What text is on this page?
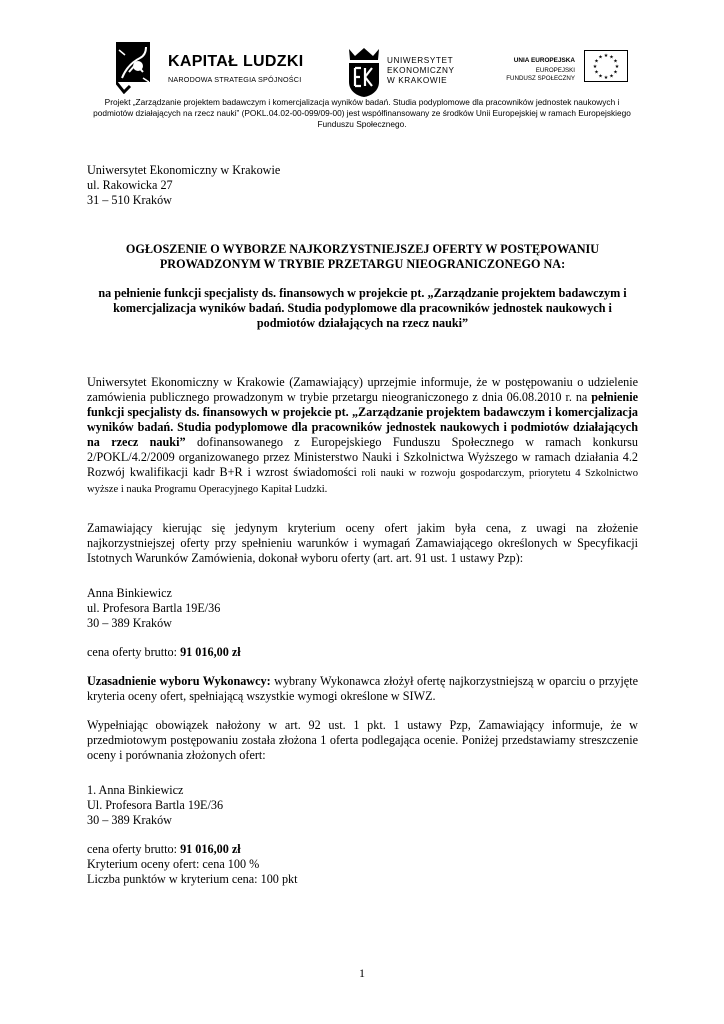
KAPITAŁ LUDZKI
NARODOWA STRATEGIA SPÓJNOŚCI
UNIWERSYTET
EKONOMICZNY
W KRAKOWIE
UNIA EUROPEJSKA
EUROPEJSKI
FUNDUSZ SPOŁECZNY
★ ★
★
★
★
★
★
★
★
★
★
★
Projekt „Zarządzanie projektem badawczym i komercjalizacja wyników badań. Studia podyplomowe dla pracowników jednostek naukowych i podmiotów działających na rzecz nauki” (POKL.04.02-00-099/09-00) jest współfinansowany ze środków Unii Europejskiej w ramach Europejskiego Funduszu Społecznego.

Uniwersytet Ekonomiczny w Krakowie

ul. Rakowicka 27

31 – 510 Kraków

OGŁOSZENIE O WYBORZE NAJKORZYSTNIEJSZEJ OFERTY W POSTĘPOWANIU

PROWADZONYM W TRYBIE PRZETARGU NIEOGRANICZONEGO NA:

na pełnienie funkcji specjalisty ds. finansowych w projekcie pt. „Zarządzanie projektem badawczym i komercjalizacja wyników badań. Studia podyplomowe dla pracowników jednostek naukowych i podmiotów działających na rzecz nauki”

Uniwersytet Ekonomiczny w Krakowie (Zamawiający) uprzejmie informuje, że w postępowaniu o udzielenie zamówienia publicznego prowadzonym w trybie przetargu nieograniczonego z dnia 06.08.2010 r. na pełnienie funkcji specjalisty ds. finansowych w projekcie pt. „Zarządzanie projektem badawczym i komercjalizacja wyników badań. Studia podyplomowe dla pracowników jednostek naukowych i podmiotów działających na rzecz nauki” dofinansowanego z Europejskiego Funduszu Społecznego w ramach konkursu 2/POKL/4.2/2009 organizowanego przez Ministerstwo Nauki i Szkolnictwa Wyższego w ramach działania 4.2 Rozwój kwalifikacji kadr B+R i wzrost świadomości roli nauki w rozwoju gospodarczym, priorytetu 4 Szkolnictwo wyższe i nauka Programu Operacyjnego Kapitał Ludzki.

Zamawiający kierując się jedynym kryterium oceny ofert jakim była cena, z uwagi na złożenie najkorzystniejszej oferty przy spełnieniu warunków i wymagań Zamawiającego określonych w Specyfikacji Istotnych Warunków Zamówienia, dokonał wyboru oferty (art. art. 91 ust. 1 ustawy Pzp):

Anna Binkiewicz

ul. Profesora Bartla 19E/36

30 – 389 Kraków

cena oferty brutto: 91 016,00 zł

Uzasadnienie wyboru Wykonawcy: wybrany Wykonawca złożył ofertę najkorzystniejszą w oparciu o przyjęte kryteria oceny ofert, spełniającą wszystkie wymogi określone w SIWZ.

Wypełniając obowiązek nałożony w art. 92 ust. 1 pkt. 1 ustawy Pzp, Zamawiający informuje, że w przedmiotowym postępowaniu została złożona 1 oferta podlegająca ocenie. Poniżej przedstawiamy streszczenie oceny i porównania złożonych ofert:

1. Anna Binkiewicz

Ul. Profesora Bartla 19E/36

30 – 389 Kraków

cena oferty brutto: 91 016,00 zł

Kryterium oceny ofert: cena 100 %

Liczba punktów w kryterium cena: 100 pkt

1
